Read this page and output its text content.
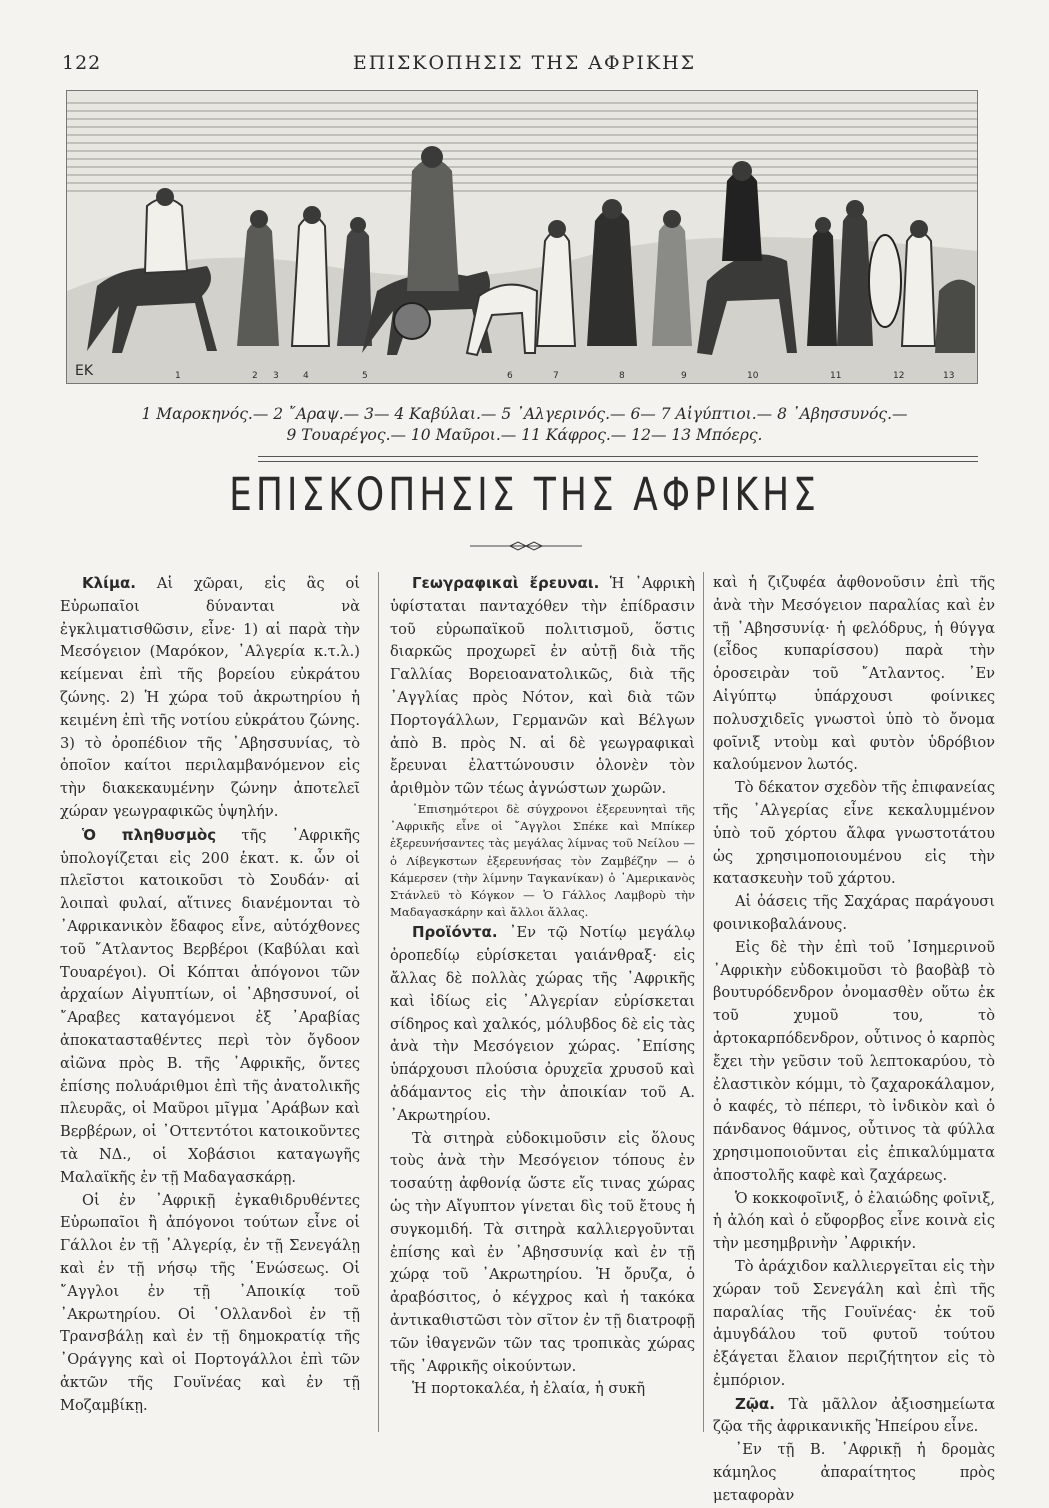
122	ΕΠΙΣΚΟΠΗΣΙΣ ΤΗΣ ΑΦΡΙΚΗΣ
EK	1	2 3	4	5	6	7	8	9	10	11	12	13
1 Μαροκηνός.— 2 ῎Αραψ.— 3— 4 Καβύλαι.— 5 ᾽Αλγερινός.— 6— 7 Αἰγύπτιοι.— 8 ᾽Αβησσυνός.—
9 Τουαρέγος.— 10 Μαῦροι.— 11 Κάφρος.— 12— 13 Μπόερς.
ΕΠΙΣΚΟΠΗΣΙΣ ΤΗΣ ΑΦΡΙΚΗΣ

Κλίμα. Αἱ χῶραι, εἰς ἃς οἱ Εὐρωπαῖοι δύνανται νὰ ἐγκλιματισθῶσιν, εἶνε· 1) αἱ παρὰ τὴν Μεσόγειον (Μαρόκον, ᾽Αλγερία κ.τ.λ.) κείμεναι ἐπὶ τῆς βορείου εὐκράτου ζώνης. 2) Ἡ χώρα τοῦ ἀκρωτηρίου ἡ κειμένη ἐπὶ τῆς νοτίου εὐκράτου ζώνης. 3) τὸ ὀροπέδιον τῆς ᾽Αβησσυνίας, τὸ ὁποῖον καίτοι περιλαμβανόμενον εἰς τὴν διακεκαυμένην ζώνην ἀποτελεῖ χώραν γεωγραφικῶς ὑψηλήν.

Ὁ πληθυσμὸς τῆς ᾽Αφρικῆς ὑπολογίζεται εἰς 200 ἑκατ. κ. ὧν οἱ πλεῖστοι κατοικοῦσι τὸ Σουδάν· αἱ λοιπαὶ φυλαί, αἵτινες διανέμονται τὸ ᾽Αφρικανικὸν ἔδαφος εἶνε, αὐτόχθονες τοῦ ῎Ατλαντος Βερβέροι (Καβύλαι καὶ Τουαρέγοι). Οἱ Κόπται ἀπόγονοι τῶν ἀρχαίων Αἰγυπτίων, οἱ ᾽Αβησσυνοί, οἱ ῎Αραβες καταγόμενοι ἐξ ᾽Αραβίας ἀποκατασταθέντες περὶ τὸν ὄγδοον αἰῶνα πρὸς Β. τῆς ᾽Αφρικῆς, ὄντες ἐπίσης πολυάριθμοι ἐπὶ τῆς ἀνατολικῆς πλευρᾶς, οἱ Μαῦροι μῖγμα ᾽Αράβων καὶ Βερβέρων, οἱ ᾽Οττεντότοι κατοικοῦντες τὰ ΝΔ., οἱ Χοβάσιοι καταγωγῆς Μαλαϊκῆς ἐν τῇ Μαδαγασκάρῃ.

Οἱ ἐν ᾽Αφρικῇ ἐγκαθιδρυθέντες Εὐρωπαῖοι ἢ ἀπόγονοι τούτων εἶνε οἱ Γάλλοι ἐν τῇ ᾽Αλγερίᾳ, ἐν τῇ Σενεγάλῃ καὶ ἐν τῇ νήσῳ τῆς ῾Ενώσεως. Οἱ ῎Αγγλοι ἐν τῇ ᾽Αποικίᾳ τοῦ ᾽Ακρωτηρίου. Οἱ ῾Ολλανδοὶ ἐν τῇ Τρανσβάλῃ καὶ ἐν τῇ δημοκρατίᾳ τῆς ᾽Οράγγης καὶ οἱ Πορτογάλλοι ἐπὶ τῶν ἀκτῶν τῆς Γουϊνέας καὶ ἐν τῇ Μοζαμβίκῃ.

Γεωγραφικαὶ ἔρευναι. Ἡ ᾽Αφρικὴ ὑφίσταται πανταχόθεν τὴν ἐπίδρασιν τοῦ εὐρωπαϊκοῦ πολιτισμοῦ, ὅστις διαρκῶς προχωρεῖ ἐν αὐτῇ διὰ τῆς Γαλλίας Βορειοανατολικῶς, διὰ τῆς ᾽Αγγλίας πρὸς Νότον, καὶ διὰ τῶν Πορτογάλλων, Γερμανῶν καὶ Βέλγων ἀπὸ Β. πρὸς Ν. αἱ δὲ γεωγραφικαὶ ἔρευναι ἐλαττώνουσιν ὁλονὲν τὸν ἀριθμὸν τῶν τέως ἀγνώστων χωρῶν.

᾽Επισημότεροι δὲ σύγχρονοι ἐξερευνηταὶ τῆς ᾽Αφρικῆς εἶνε οἱ ῎Αγγλοι Σπέκε καὶ Μπίκερ ἐξερευνήσαντες τὰς μεγάλας λίμνας τοῦ Νείλου — ὁ Λίβεγκστων ἐξερευνήσας τὸν Ζαμβέζην — ὁ Κάμερσεν (τὴν λίμνην Ταγκανίκαν) ὁ ᾽Αμερικανὸς Στάνλεϋ τὸ Κόγκον — Ὁ Γάλλος Λαμβορὺ τὴν Μαδαγασκάρην καὶ ἄλλοι ἄλλας.

Προϊόντα. ᾽Εν τῷ Νοτίῳ μεγάλῳ ὀροπεδίῳ εὑρίσκεται γαιάνθραξ· εἰς ἄλλας δὲ πολλὰς χώρας τῆς ᾽Αφρικῆς καὶ ἰδίως εἰς ᾽Αλγερίαν εὑρίσκεται σίδηρος καὶ χαλκός, μόλυβδος δὲ εἰς τὰς ἀνὰ τὴν Μεσόγειον χώρας. ᾽Επίσης ὑπάρχουσι πλούσια ὀρυχεῖα χρυσοῦ καὶ ἀδάμαντος εἰς τὴν ἀποικίαν τοῦ Α. ᾽Ακρωτηρίου.

Τὰ σιτηρὰ εὐδοκιμοῦσιν εἰς ὅλους τοὺς ἀνὰ τὴν Μεσόγειον τόπους ἐν τοσαύτῃ ἀφθονίᾳ ὥστε εἴς τινας χώρας ὡς τὴν Αἴγυπτον γίνεται δὶς τοῦ ἔτους ἡ συγκομιδή. Τὰ σιτηρὰ καλλιεργοῦνται ἐπίσης καὶ ἐν ᾽Αβησσυνίᾳ καὶ ἐν τῇ χώρᾳ τοῦ ᾽Ακρωτηρίου. Ἡ ὄρυζα, ὁ ἀραβόσιτος, ὁ κέγχρος καὶ ἡ τακόκα ἀντικαθιστῶσι τὸν σῖτον ἐν τῇ διατροφῇ τῶν ἰθαγενῶν τῶν τας τροπικὰς χώρας τῆς ᾽Αφρικῆς οἰκούντων.

Ἡ πορτοκαλέα, ἡ ἐλαία, ἡ συκῆ

καὶ ἡ ζιζυφέα ἀφθονοῦσιν ἐπὶ τῆς ἀνὰ τὴν Μεσόγειον παραλίας καὶ ἐν τῇ ᾽Αβησσυνίᾳ· ἡ φελόδρυς, ἡ θύγγα (εἶδος κυπαρίσσου) παρὰ τὴν ὀροσειρὰν τοῦ ῎Ατλαντος. ᾽Εν Αἰγύπτῳ ὑπάρχουσι φοίνικες πολυσχιδεῖς γνωστοὶ ὑπὸ τὸ ὄνομα φοῖνιξ ντοὺμ καὶ φυτὸν ὑδρόβιον καλούμενον λωτός.

Τὸ δέκατον σχεδὸν τῆς ἐπιφανείας τῆς ᾽Αλγερίας εἶνε κεκαλυμμένον ὑπὸ τοῦ χόρτου ἄλφα γνωστοτάτου ὡς χρησιμοποιουμένου εἰς τὴν κατασκευὴν τοῦ χάρτου.

Αἱ ὀάσεις τῆς Σαχάρας παράγουσι φοινικοβαλάνους.

Εἰς δὲ τὴν ἐπὶ τοῦ ᾽Ισημερινοῦ ᾽Αφρικὴν εὐδοκιμοῦσι τὸ βαοβὰβ τὸ βουτυρόδενδρον ὀνομασθὲν οὕτω ἐκ τοῦ χυμοῦ του, τὸ ἀρτοκαρπόδενδρον, οὗτινος ὁ καρπὸς ἔχει τὴν γεῦσιν τοῦ λεπτοκαρύου, τὸ ἐλαστικὸν κόμμι, τὸ ζαχαροκάλαμον, ὁ καφές, τὸ πέπερι, τὸ ἰνδικὸν καὶ ὁ πάνδανος θάμνος, οὗτινος τὰ φύλλα χρησιμοποιοῦνται εἰς ἐπικαλύμματα ἀποστολῆς καφὲ καὶ ζαχάρεως.

Ὁ κοκκοφοῖνιξ, ὁ ἐλαιώδης φοῖνιξ, ἡ ἀλόη καὶ ὁ εὔφορβος εἶνε κοινὰ εἰς τὴν μεσημβρινὴν ᾽Αφρικήν.

Τὸ ἀράχιδον καλλιεργεῖται εἰς τὴν χώραν τοῦ Σενεγάλη καὶ ἐπὶ τῆς παραλίας τῆς Γουϊνέας· ἐκ τοῦ ἀμυγδάλου τοῦ φυτοῦ τούτου ἐξάγεται ἔλαιον περιζήτητον εἰς τὸ ἐμπόριον.

Ζῷα. Τὰ μᾶλλον ἀξιοσημείωτα ζῷα τῆς ἀφρικανικῆς Ἠπείρου εἶνε.

᾽Εν τῇ Β. ᾽Αφρικῇ ἡ δρομὰς κάμηλος ἀπαραίτητος πρὸς μεταφορὰν
